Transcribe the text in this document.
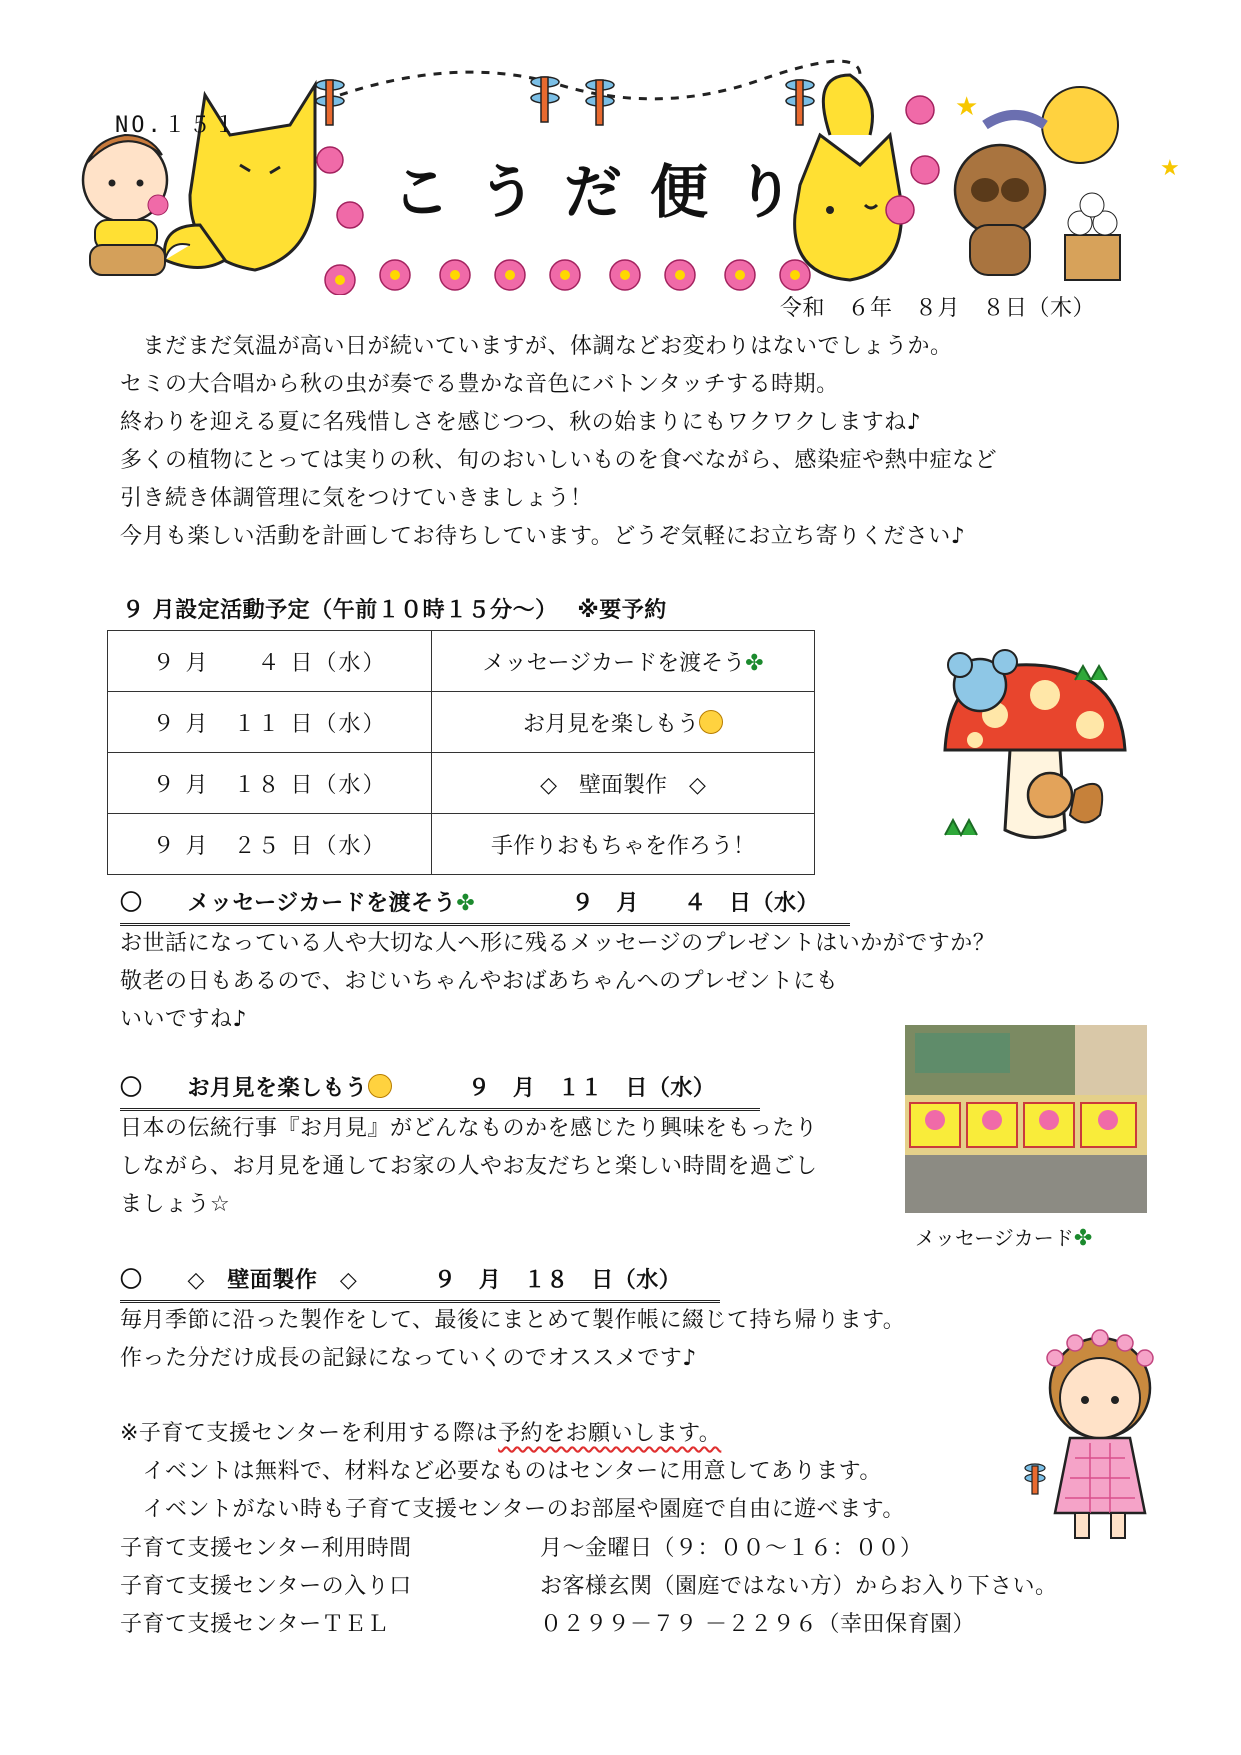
★
★
NO.１５１
こうだ便り
令和　６年　８月　８日（木）
　まだまだ気温が高い日が続いていますが、体調などお変わりはないでしょうか。
セミの大合唱から秋の虫が奏でる豊かな音色にバトンタッチする時期。
終わりを迎える夏に名残惜しさを感じつつ、秋の始まりにもワクワクしますね♪
多くの植物にとっては実りの秋、旬のおいしいものを食べながら、感染症や熱中症など
引き続き体調管理に気をつけていきましょう！
今月も楽しい活動を計画してお待ちしています。どうぞ気軽にお立ち寄りください♪
９ 月設定活動予定（午前１０時１５分～）　 ※要予約
９ 月　　４ 日（水）	メッセージカードを渡そう✤
９ 月　１１ 日（水）	お月見を楽しもう
９ 月　１８ 日（水）	◇　壁面製作　◇
９ 月　２５ 日（水）	手作りおもちゃを作ろう！
〇　　メッセージカードを渡そう✤	９　月　　４　日（水）
お世話になっている人や大切な人へ形に残るメッセージのプレゼントはいかがですか？
敬老の日もあるので、おじいちゃんやおばあちゃんへのプレゼントにも
いいですね♪
メッセージカード✤
〇　　お月見を楽しもう	９　月　１１　日（水）
日本の伝統行事『お月見』がどんなものかを感じたり興味をもったり
しながら、お月見を通してお家の人やお友だちと楽しい時間を過ごし
ましょう☆
〇　　◇　壁面製作　◇	９　月　１８　日（水）
毎月季節に沿った製作をして、最後にまとめて製作帳に綴じて持ち帰ります。
作った分だけ成長の記録になっていくのでオススメです♪
※子育て支援センターを利用する際は予約をお願いします。
　イベントは無料で、材料など必要なものはセンターに用意してあります。
　イベントがない時も子育て支援センターのお部屋や園庭で自由に遊べます。
子育て支援センター利用時間	月～金曜日（９：００～１６：００）
子育て支援センターの入り口	お客様玄関（園庭ではない方）からお入り下さい。
子育て支援センターＴＥＬ	０２９９－７９ －２２９６（幸田保育園）
